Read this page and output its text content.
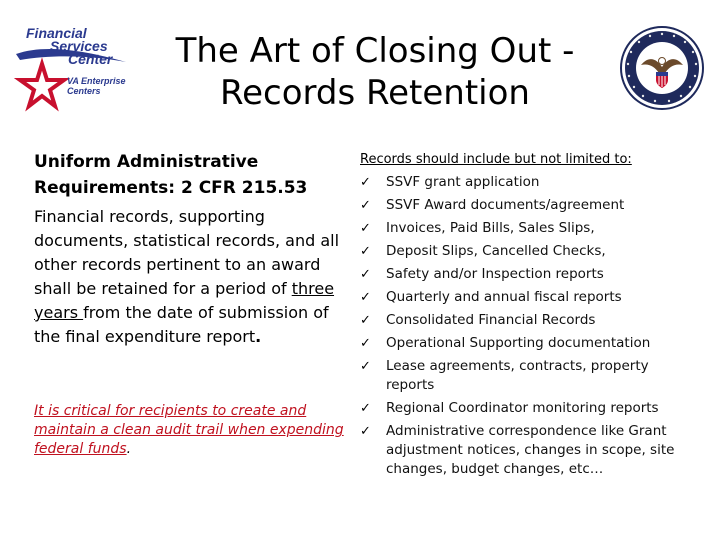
Financial
Services
Center
VA Enterprise
Centers
The Art of Closing Out - Records Retention

Uniform Administrative
Requirements: 2 CFR 215.53

Financial records, supporting documents, statistical records, and all other records pertinent to an award shall be retained for a period of three years from the date of submission of the final expenditure report.

It is critical for recipients to create and maintain a clean audit trail when expending federal funds.

Records should include but not limited to:

✓ SSVF grant application
✓ SSVF Award documents/agreement
✓ Invoices, Paid Bills, Sales Slips,
✓ Deposit Slips, Cancelled Checks,
✓ Safety and/or Inspection reports
✓ Quarterly and annual fiscal reports
✓ Consolidated Financial Records
✓ Operational Supporting documentation
✓ Lease agreements, contracts, property reports
✓ Regional Coordinator monitoring reports
✓ Administrative correspondence like Grant adjustment notices, changes in scope, site changes, budget changes, etc…
